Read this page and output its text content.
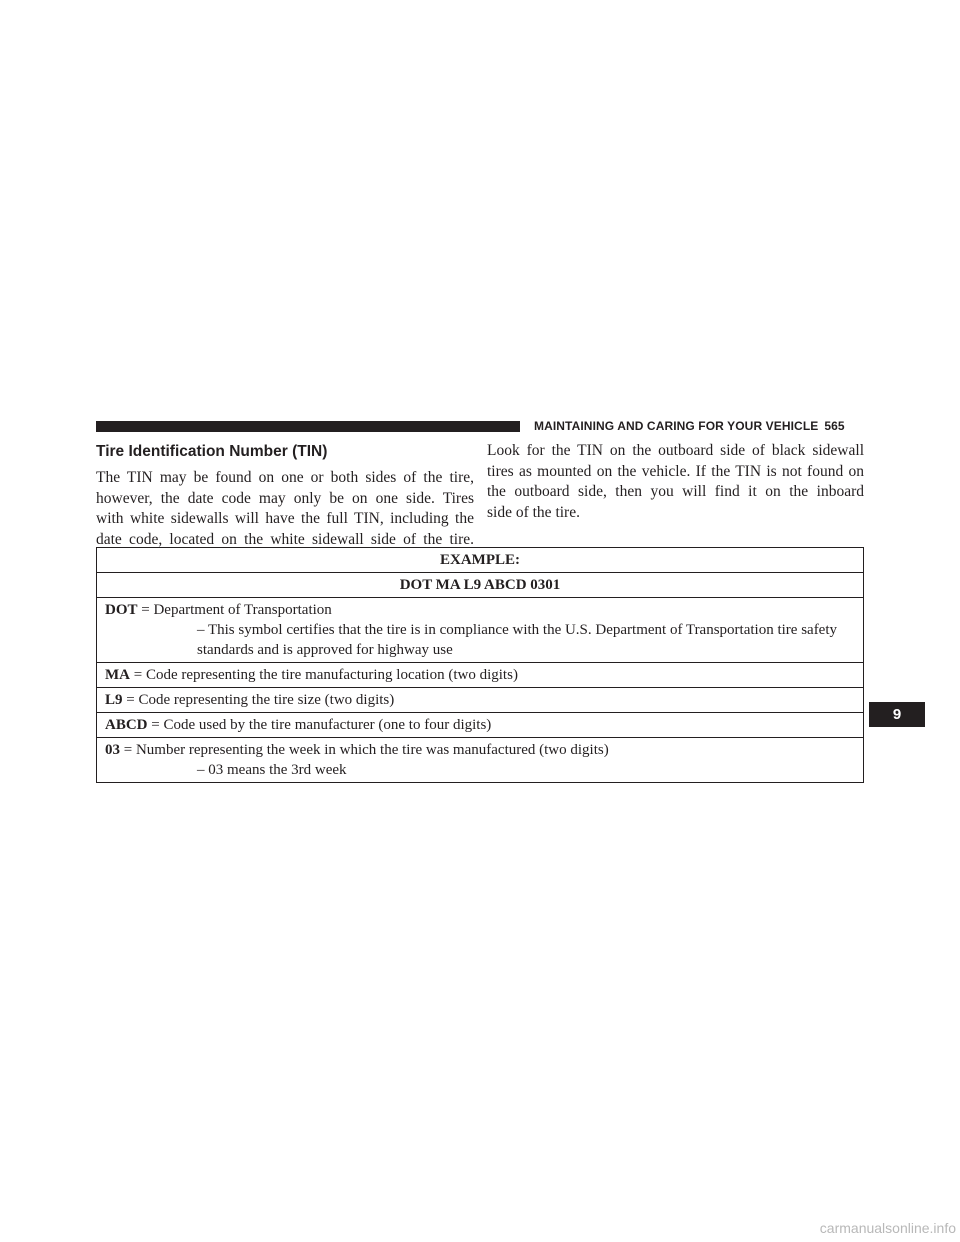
MAINTAINING AND CARING FOR YOUR VEHICLE 565
Tire Identification Number (TIN)

The TIN may be found on one or both sides of the tire,
however, the date code may only be on one side. Tires
with white sidewalls will have the full TIN, including the
date code, located on the white sidewall side of the tire.

Look for the TIN on the outboard side of black sidewall
tires as mounted on the vehicle. If the TIN is not found on
the outboard side, then you will find it on the inboard
side of the tire.

EXAMPLE:
DOT MA L9 ABCD 0301
DOT = Department of Transportation
– This symbol certifies that the tire is in compliance with the U.S. Department of Transportation tire safety standards and is approved for highway use

MA = Code representing the tire manufacturing location (two digits)
L9 = Code representing the tire size (two digits)
ABCD = Code used by the tire manufacturer (one to four digits)
03 = Number representing the week in which the tire was manufactured (two digits)
– 03 means the 3rd week
9
carmanualsonline.info
